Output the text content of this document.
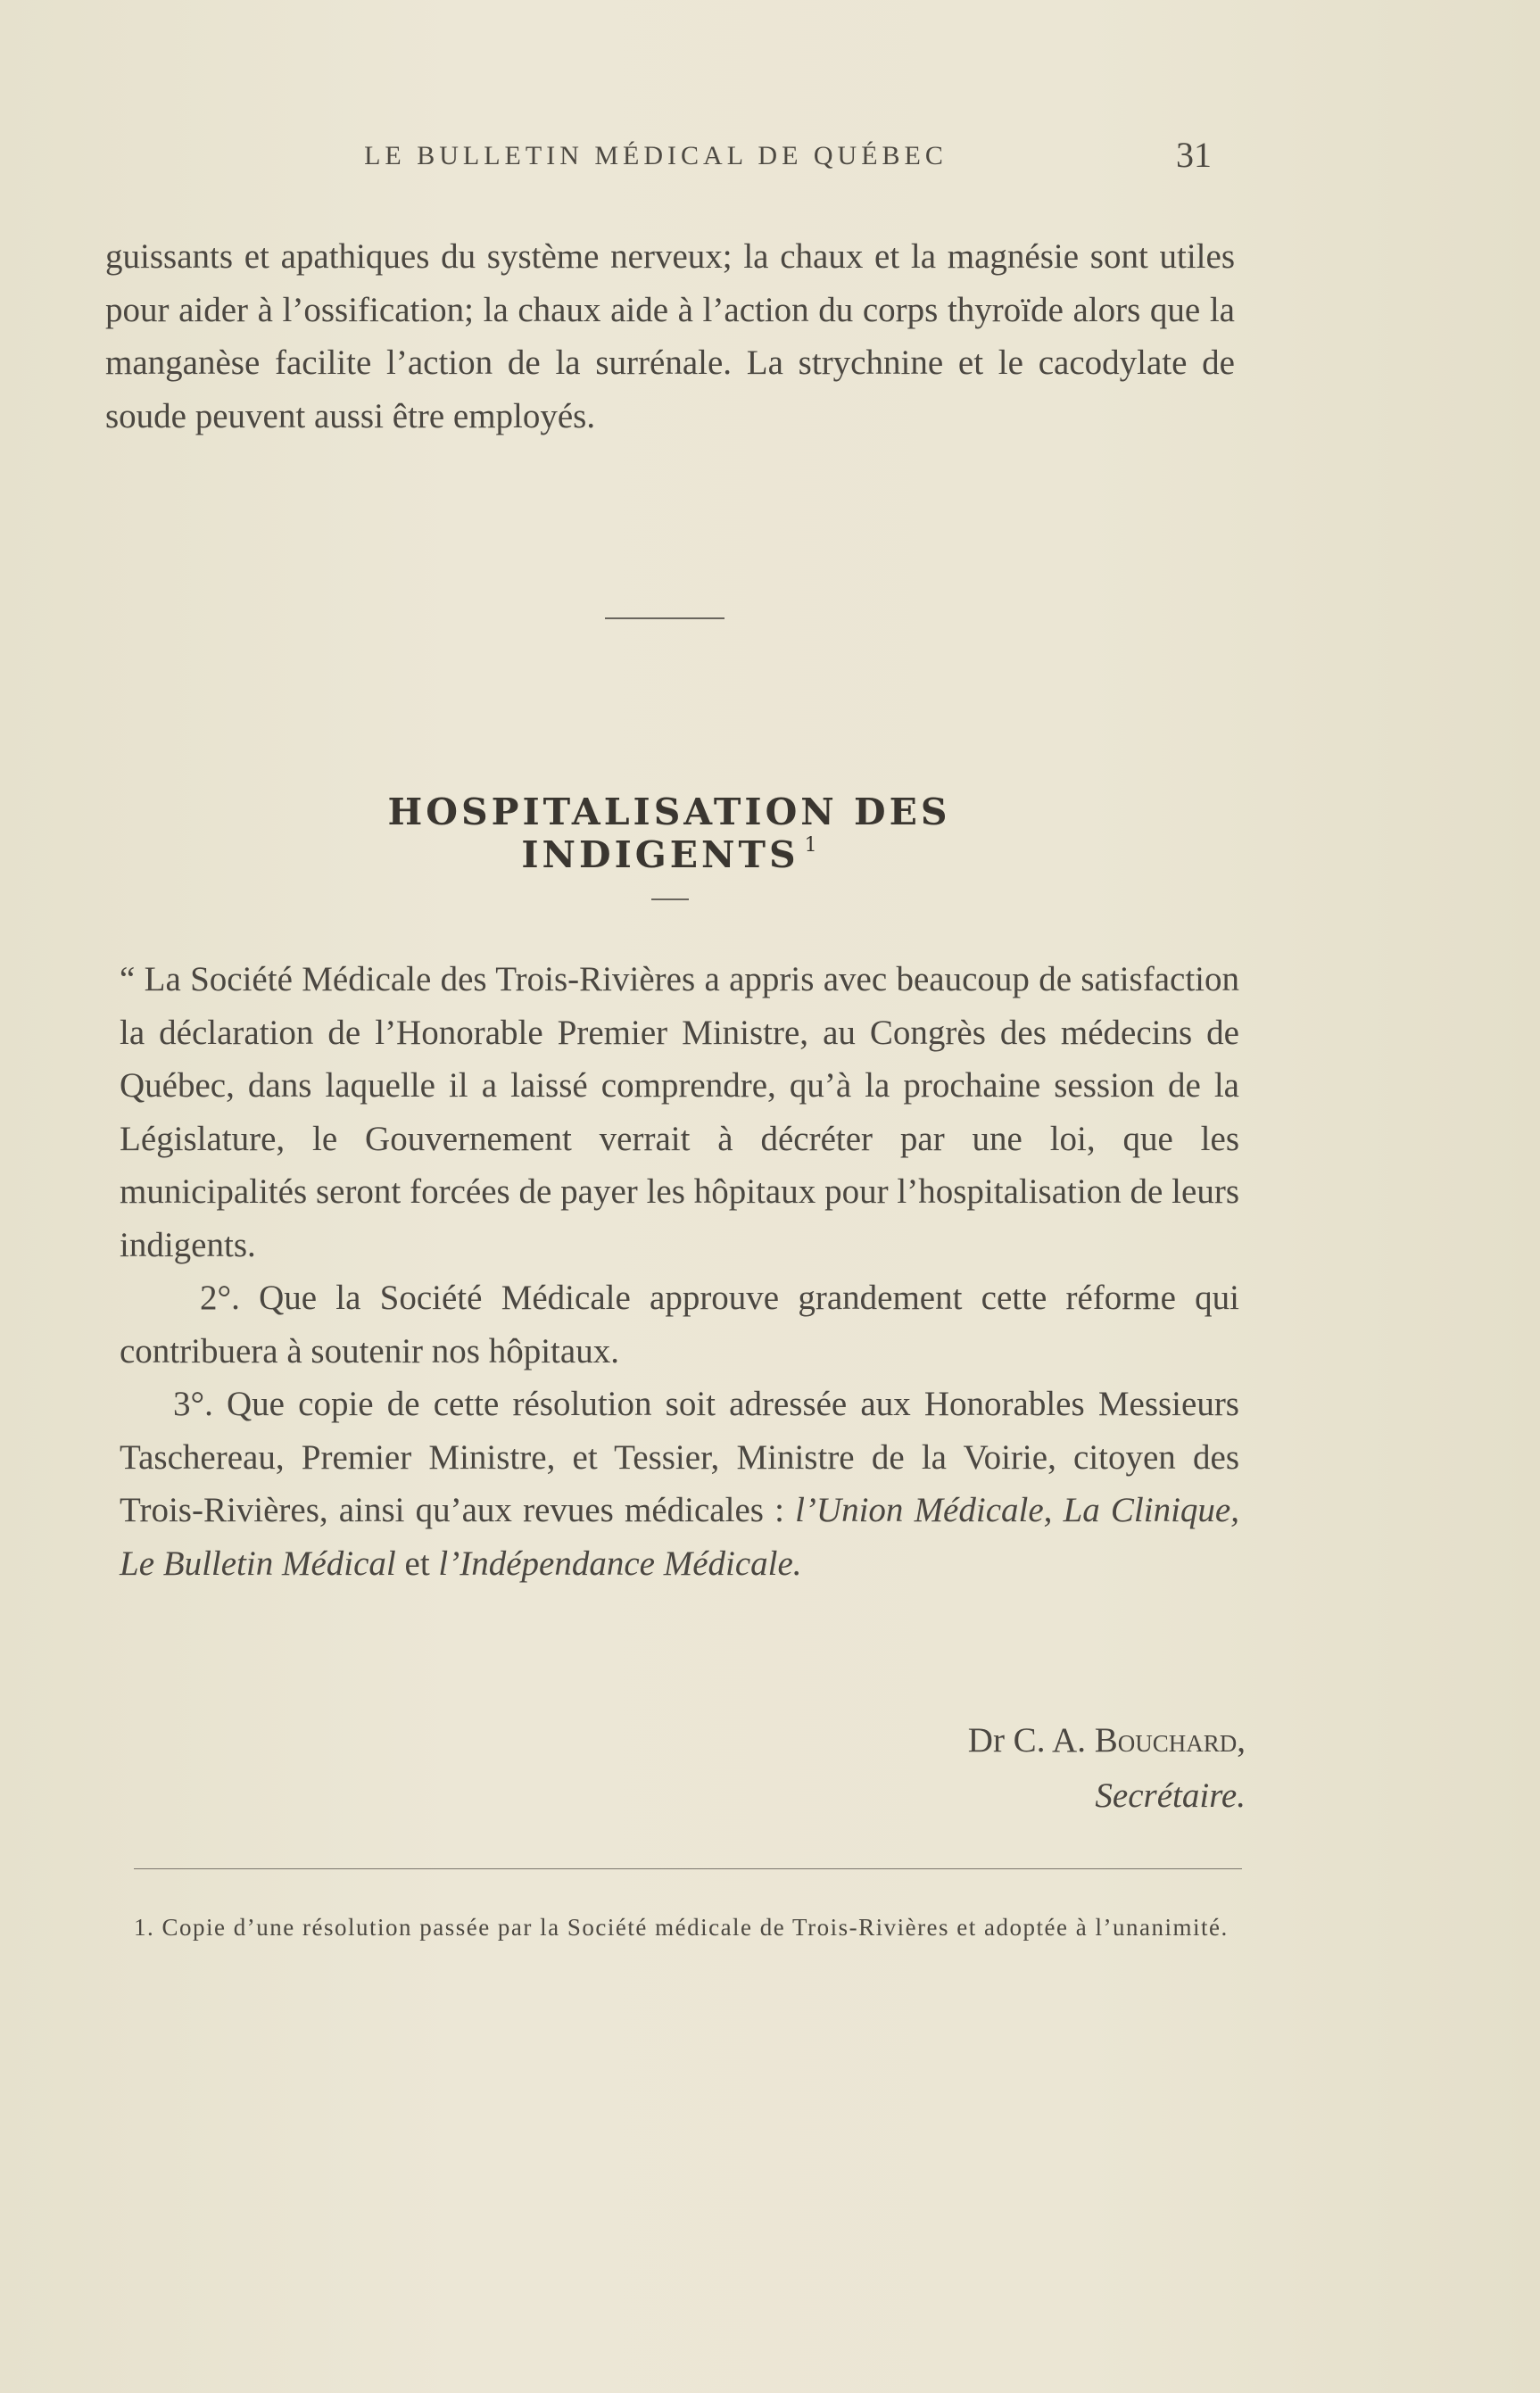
LE BULLETIN MÉDICAL DE QUÉBEC	31

guissants et apathiques du système nerveux; la chaux et la magnésie sont utiles pour aider à l’ossification; la chaux aide à l’action du corps thyroïde alors que la manganèse facilite l’action de la surrénale. La strychnine et le cacodylate de soude peuvent aussi être employés.

HOSPITALISATION DES INDIGENTS $^1$

“ La Société Médicale des Trois-Rivières a appris avec beaucoup de satisfaction la déclaration de l’Honorable Premier Ministre, au Congrès des médecins de Québec, dans laquelle il a laissé comprendre, qu’à la prochaine session de la Législature, le Gouvernement verrait à décréter par une loi, que les municipalités seront forcées de payer les hôpitaux pour l’hospitalisation de leurs indigents.

2°. Que la Société Médicale approuve grandement cette réforme qui contribuera à soutenir nos hôpitaux.

3°. Que copie de cette résolution soit adressée aux Honorables Messieurs Taschereau, Premier Ministre, et Tessier, Ministre de la Voirie, citoyen des Trois-Rivières, ainsi qu’aux revues médicales : l’Union Médicale, La Clinique, Le Bulletin Médical et l’Indépendance Médicale.

Dr C. A. Bouchard,
Secrétaire.
1. Copie d’une résolution passée par la Société médicale de Trois-Rivières et adoptée à l’unanimité.
